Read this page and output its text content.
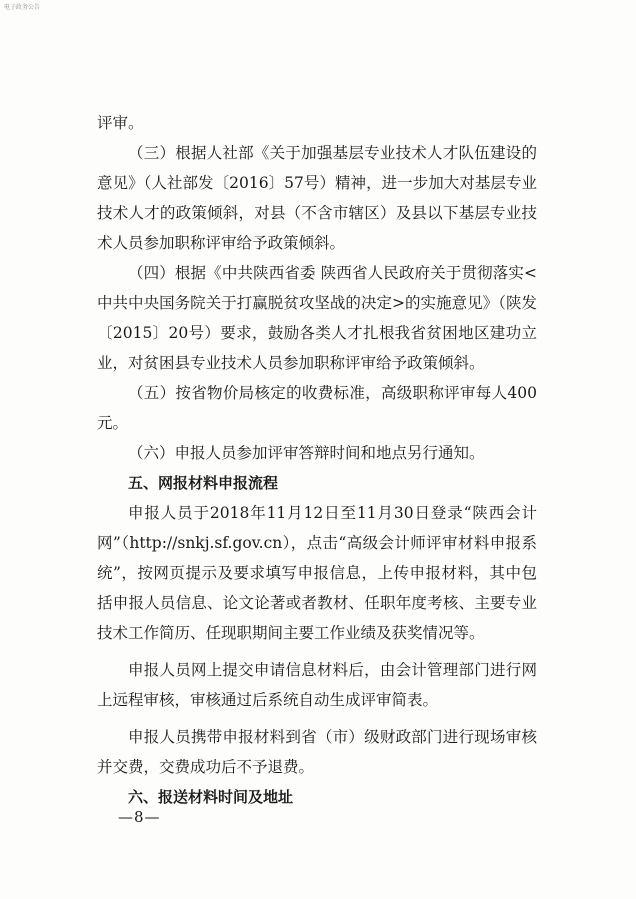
电子政务公告

评审。

（三）根据人社部《关于加强基层专业技术人才队伍建设的意见》（人社部发〔2016〕57号）精神，进一步加大对基层专业技术人才的政策倾斜，对县（不含市辖区）及县以下基层专业技术人员参加职称评审给予政策倾斜。

（四）根据《中共陕西省委 陕西省人民政府关于贯彻落实<中共中央国务院关于打赢脱贫攻坚战的决定>的实施意见》（陕发〔2015〕20号）要求，鼓励各类人才扎根我省贫困地区建功立业，对贫困县专业技术人员参加职称评审给予政策倾斜。

（五）按省物价局核定的收费标准，高级职称评审每人400元。

（六）申报人员参加评审答辩时间和地点另行通知。

五、网报材料申报流程

申报人员于2018年11月12日至11月30日登录“陕西会计网”（http://snkj.sf.gov.cn），点击“高级会计师评审材料申报系统”，按网页提示及要求填写申报信息，上传申报材料，其中包括申报人员信息、论文论著或者教材、任职年度考核、主要专业技术工作简历、任现职期间主要工作业绩及获奖情况等。

申报人员网上提交申请信息材料后，由会计管理部门进行网上远程审核，审核通过后系统自动生成评审简表。

申报人员携带申报材料到省（市）级财政部门进行现场审核并交费，交费成功后不予退费。

六、报送材料时间及地址

—8—
